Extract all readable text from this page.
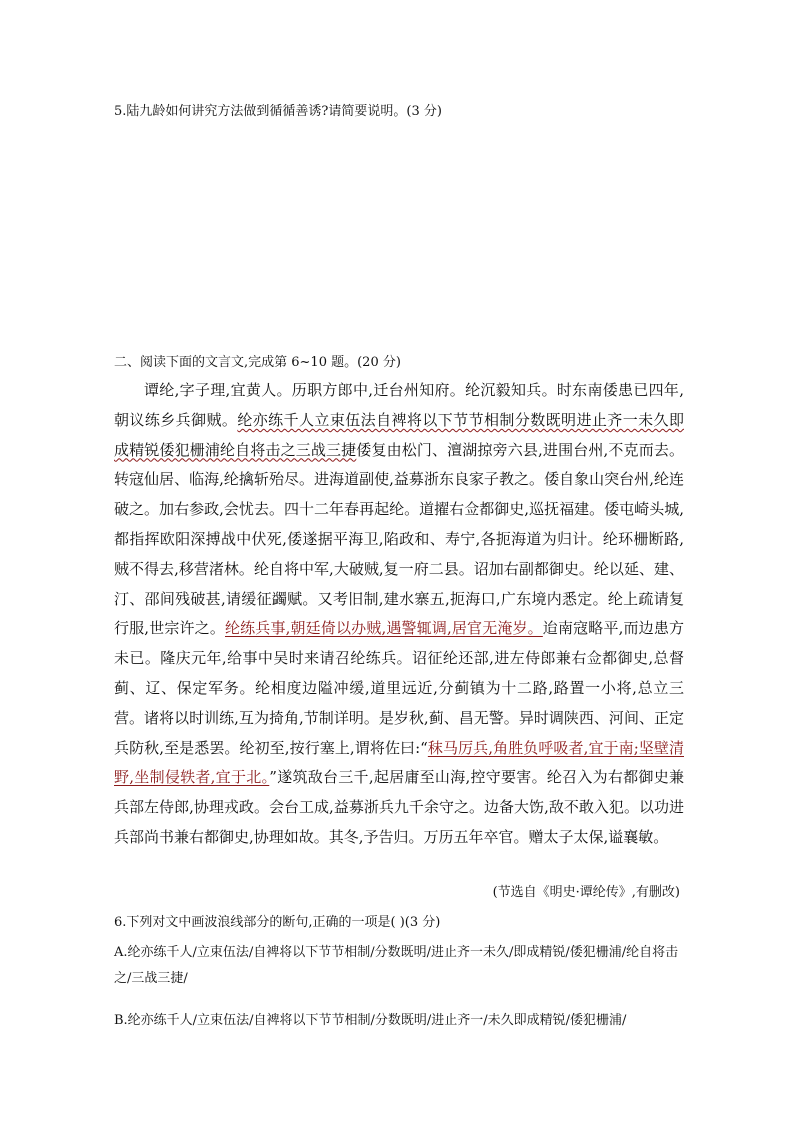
5.陆九龄如何讲究方法做到循循善诱?请简要说明。(3 分)
二、阅读下面的文言文,完成第 6~10 题。(20 分)

谭纶,字子理,宜黄人。历职方郎中,迁台州知府。纶沉毅知兵。时东南倭患已四年,朝议练乡兵御贼。纶亦练千人立束伍法自裨将以下节节相制分数既明进止齐一未久即成精锐倭犯栅浦纶自将击之三战三捷倭复由松门、澶湖掠旁六县,进围台州,不克而去。转寇仙居、临海,纶擒斩殆尽。进海道副使,益募浙东良家子教之。倭自象山突台州,纶连破之。加右参政,会忧去。四十二年春再起纶。道擢右佥都御史,巡抚福建。倭屯崎头城,都指挥欧阳深搏战中伏死,倭遂据平海卫,陷政和、寿宁,各扼海道为归计。纶环栅断路,贼不得去,移营渚林。纶自将中军,大破贼,复一府二县。诏加右副都御史。纶以延、建、汀、邵间残破甚,请缓征蠲赋。又考旧制,建水寨五,扼海口,广东境内悉定。纶上疏请复行服,世宗许之。纶练兵事,朝廷倚以办贼,遇警辄调,居官无淹岁。迨南寇略平,而边患方未已。隆庆元年,给事中吴时来请召纶练兵。诏征纶还部,进左侍郎兼右佥都御史,总督蓟、辽、保定军务。纶相度边隘冲缓,道里远近,分蓟镇为十二路,路置一小将,总立三营。诸将以时训练,互为掎角,节制详明。是岁秋,蓟、昌无警。异时调陕西、河间、正定兵防秋,至是悉罢。纶初至,按行塞上,谓将佐曰:“秣马厉兵,角胜负呼吸者,宜于南;坚壁清野,坐制侵轶者,宜于北。”遂筑敌台三千,起居庸至山海,控守要害。纶召入为右都御史兼兵部左侍郎,协理戎政。会台工成,益募浙兵九千余守之。边备大饬,敌不敢入犯。以功进兵部尚书兼右都御史,协理如故。其冬,予告归。万历五年卒官。赠太子太保,谥襄敏。

(节选自《明史·谭纶传》,有删改)
6.下列对文中画波浪线部分的断句,正确的一项是( )(3 分)
A.纶亦练千人/立束伍法/自裨将以下节节相制/分数既明/进止齐一未久/即成精锐/倭犯栅浦/纶自将击之/三战三捷/
B.纶亦练千人/立束伍法/自裨将以下节节相制/分数既明/进止齐一/未久即成精锐/倭犯栅浦/
